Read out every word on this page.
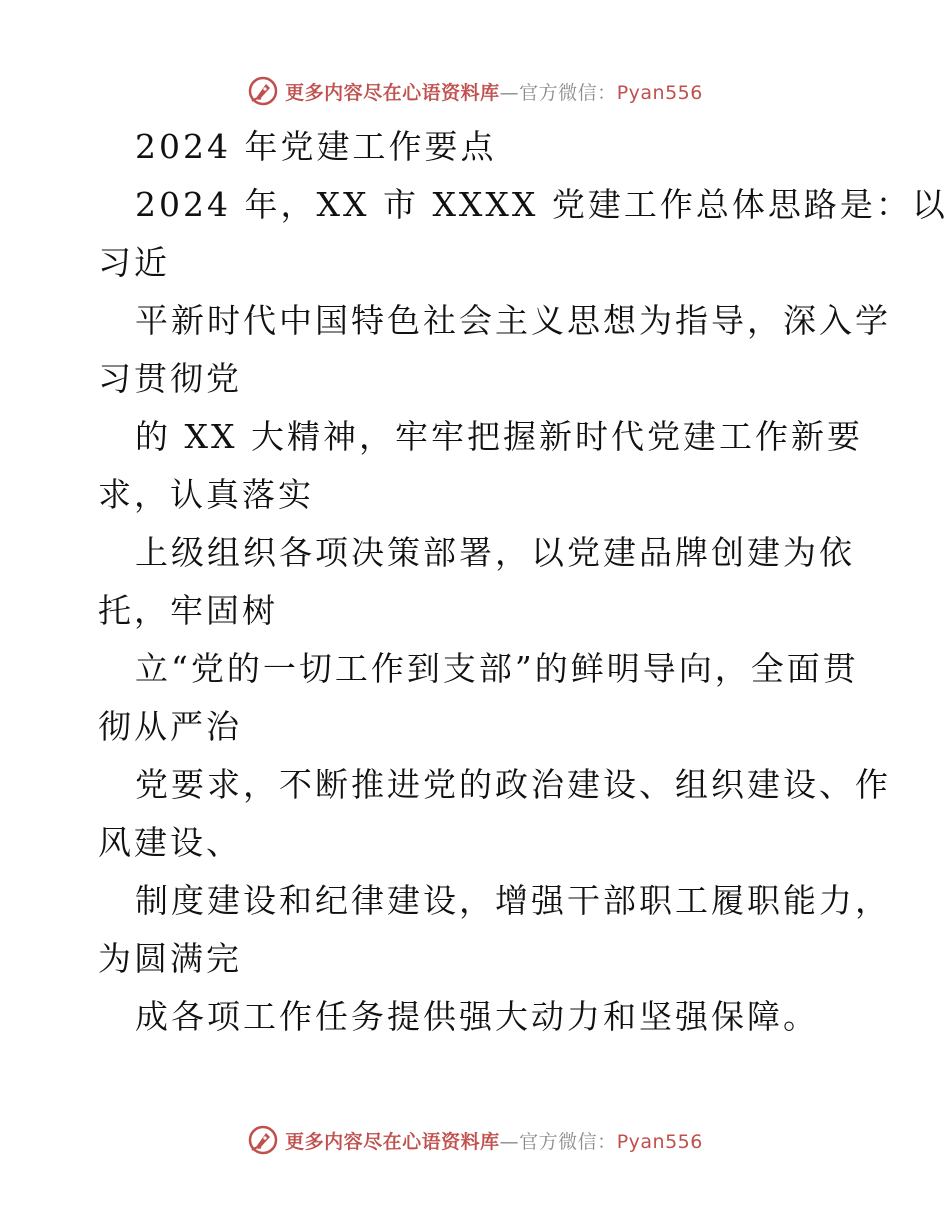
更多内容尽在心语资料库—官方微信：Pyan556
2024 年党建工作要点
2024 年，XX 市 XXXX 党建工作总体思路是：以
习近
平新时代中国特色社会主义思想为指导，深入学
习贯彻党
的 XX 大精神，牢牢把握新时代党建工作新要
求，认真落实
上级组织各项决策部署，以党建品牌创建为依
托，牢固树
立“党的一切工作到支部”的鲜明导向，全面贯
彻从严治
党要求，不断推进党的政治建设、组织建设、作
风建设、
制度建设和纪律建设，增强干部职工履职能力，
为圆满完
成各项工作任务提供强大动力和坚强保障。
更多内容尽在心语资料库—官方微信：Pyan556
